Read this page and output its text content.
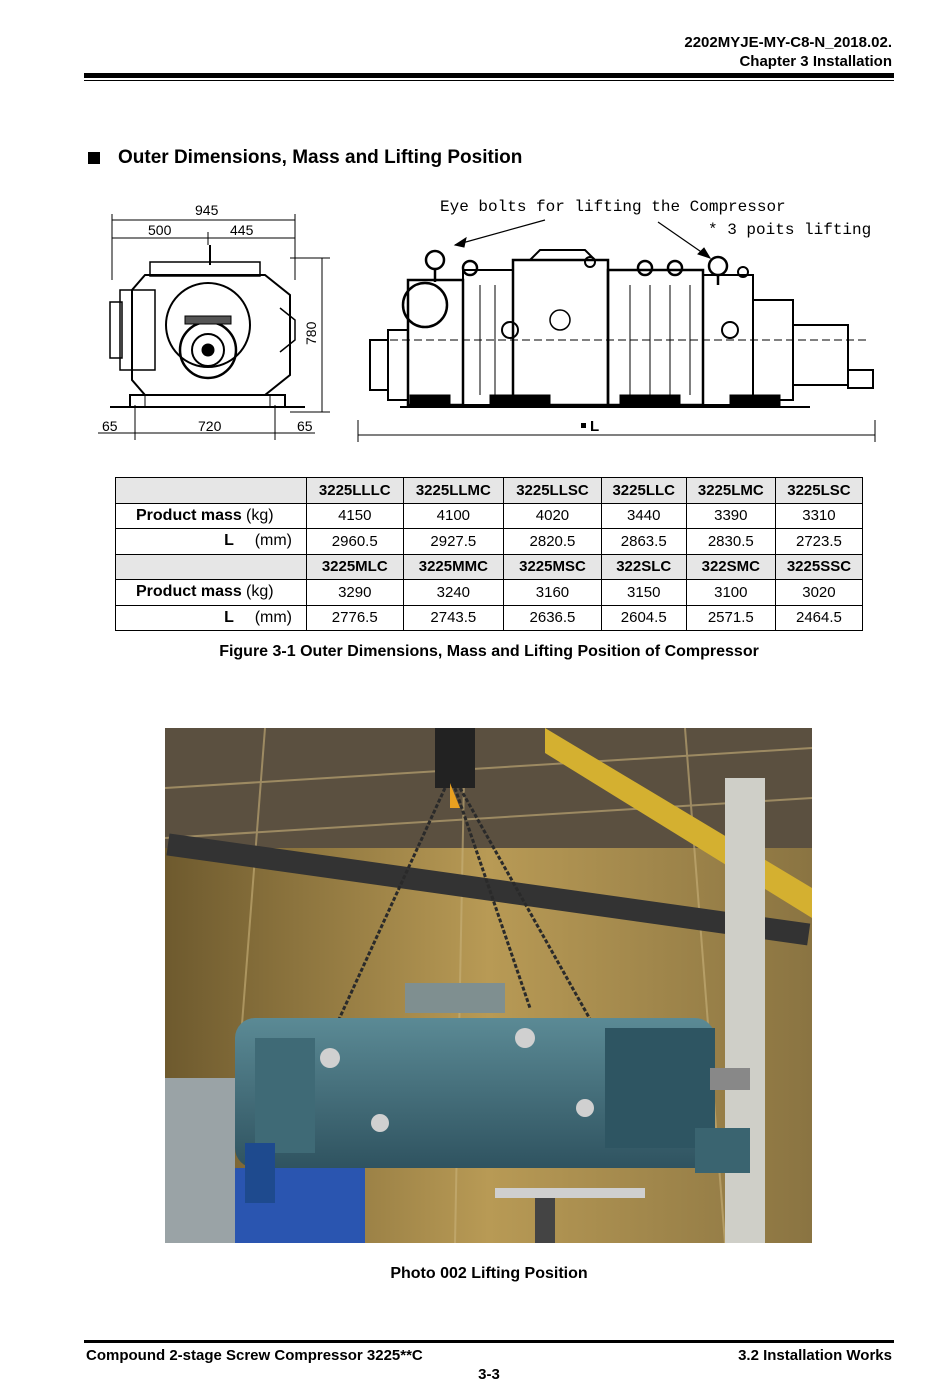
2202MYJE-MY-C8-N_2018.02.
Chapter 3 Installation
Outer Dimensions, Mass and Lifting Position
945
500	445
780
65	720	65
Eye bolts for lifting the Compressor
* 3 poits lifting
L
	3225LLLC	3225LLMC	3225LLSC	3225LLC	3225LMC	3225LSC
Product mass (kg)	4150	4100	4020	3440	3390	3310
L (mm)	2960.5	2927.5	2820.5	2863.5	2830.5	2723.5
	3225MLC	3225MMC	3225MSC	322SLC	322SMC	3225SSC
Product mass (kg)	3290	3240	3160	3150	3100	3020
L (mm)	2776.5	2743.5	2636.5	2604.5	2571.5	2464.5
Figure 3-1 Outer Dimensions, Mass and Lifting Position of Compressor
Photo 002 Lifting Position
Compound 2-stage Screw Compressor 3225**C	3.2 Installation Works
3-3
